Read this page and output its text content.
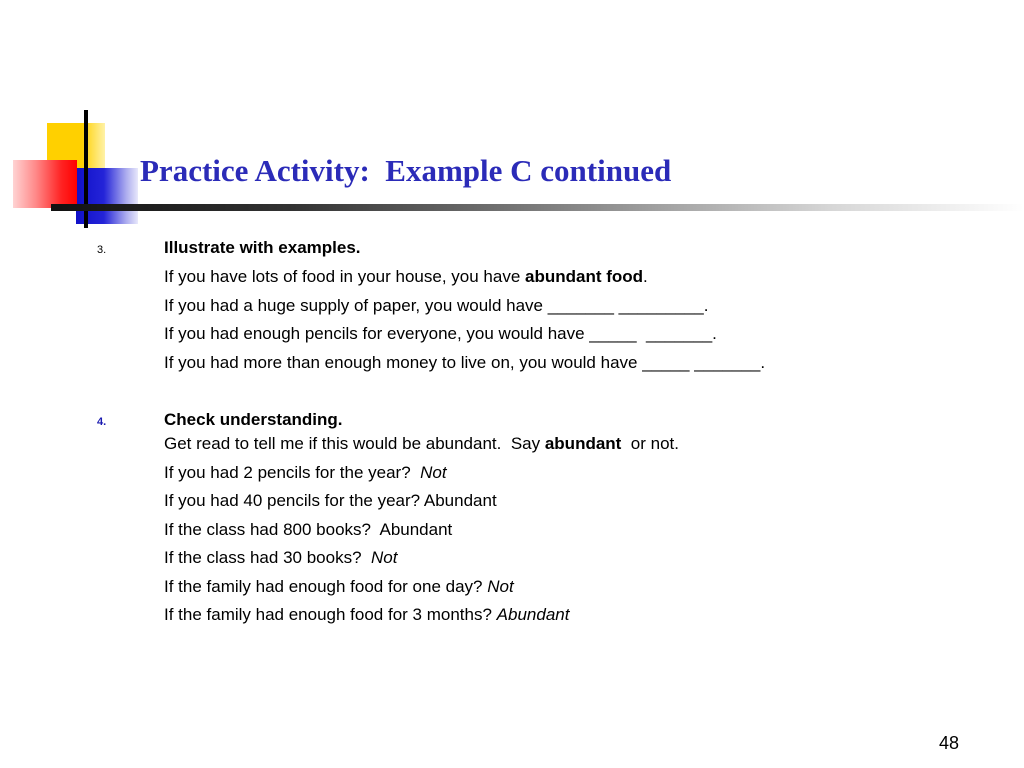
Practice Activity:  Example C continued
3.	Illustrate with examples.
If you have lots of food in your house, you have abundant food.
If you had a huge supply of paper, you would have _______ _________.
If you had enough pencils for everyone, you would have _____  _______.
If you had more than enough money to live on, you would have _____ _______.
4.	Check understanding.
Get read to tell me if this would be abundant.  Say abundant  or not.
If you had 2 pencils for the year?  Not
If you had 40 pencils for the year? Abundant
If the class had 800 books?  Abundant
If the class had 30 books?  Not
If the family had enough food for one day? Not
If the family had enough food for 3 months? Abundant
48
